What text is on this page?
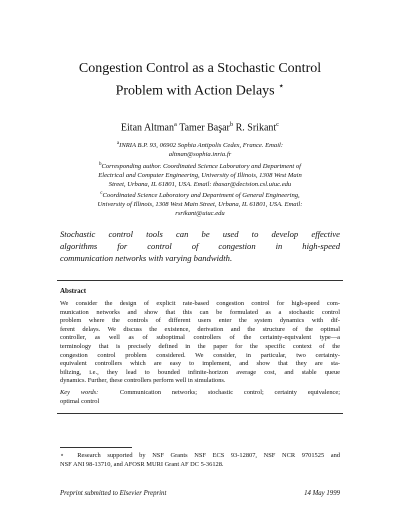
Congestion Control as a Stochastic Control
Problem with Action Delays ⋆
Eitan Altman$^a$ Tamer Başar$^b$ R. Srikant$^c$
$^a$INRIA B.P. 93, 06902 Sophia Antipolis Cedex, France. Email:
altman@sophia.inria.fr
$^b$Corresponding author. Coordinated Science Laboratory and Department of
Electrical and Computer Engineering, University of Illinois, 1308 West Main
Street, Urbana, IL 61801, USA. Email: tbasar@decision.csl.uiuc.edu
$^c$Coordinated Science Laboratory and Department of General Engineering,
University of Illinois, 1308 West Main Street, Urbana, IL 61801, USA. Email:
rsrikant@uiuc.edu
Stochastic control tools can be used to develop effective
algorithms for control of congestion in high-speed
communication networks with varying bandwidth.
Abstract
We consider the design of explicit rate-based congestion control for high-speed com-
munication networks and show that this can be formulated as a stochastic control
problem where the controls of different users enter the system dynamics with dif-
ferent delays. We discuss the existence, derivation and the structure of the optimal
controller, as well as of suboptimal controllers of the certainty-equivalent type—a
terminology that is precisely defined in the paper for the specific context of the
congestion control problem considered. We consider, in particular, two certainty-
equivalent controllers which are easy to implement, and show that they are sta-
bilizing, i.e., they lead to bounded infinite-horizon average cost, and stable queue
dynamics. Further, these controllers perform well in simulations.
Key words:	Communication networks; stochastic control; certainty equivalence;
optimal control
⋆ Research supported by NSF Grants NSF ECS 93-12807, NSF NCR 9701525 and
NSF ANI 98-13710, and AFOSR MURI Grant AF DC 5-36128.
Preprint submitted to Elsevier Preprint	14 May 1999
